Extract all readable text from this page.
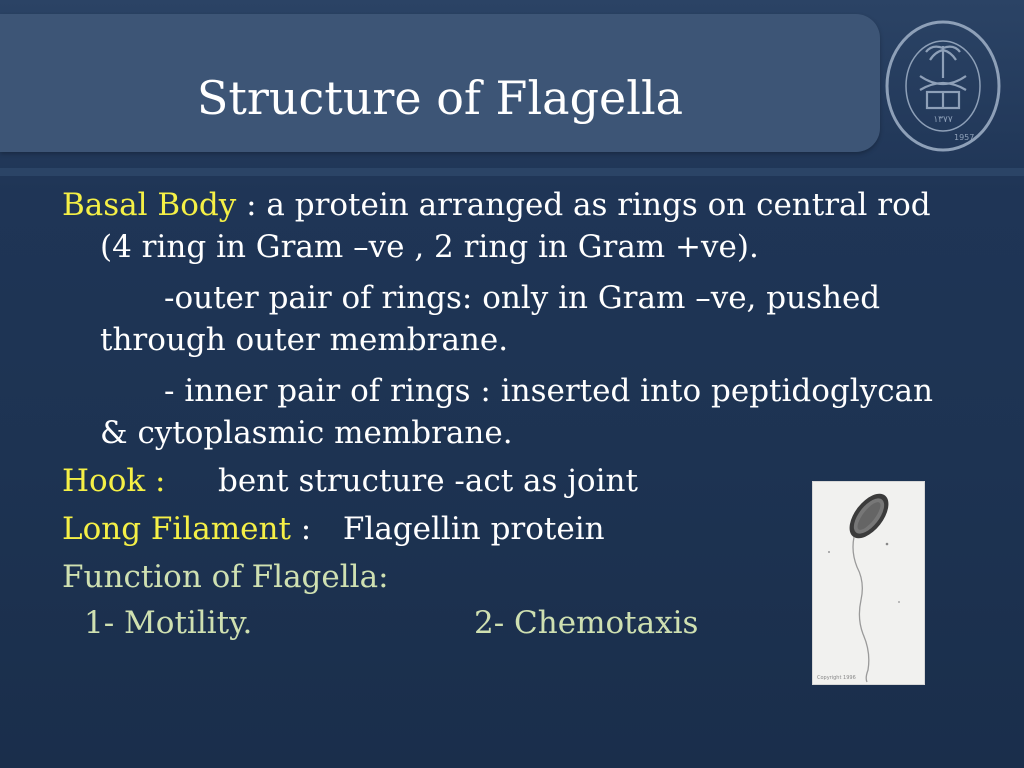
Structure of Flagella	١٣٧٧
1957

Basal Body : a protein arranged as rings on central rod (4 ring in Gram –ve , 2 ring in Gram +ve).

-outer pair of rings: only in Gram –ve, pushed through outer membrane.

- inner pair of rings : inserted into peptidoglycan & cytoplasmic membrane.

Hook :	bent structure -act as joint
Long Filament :	Flagellin protein
Function of Flagella :
1- Motility.	2- Chemotaxis
Copyright 1996
